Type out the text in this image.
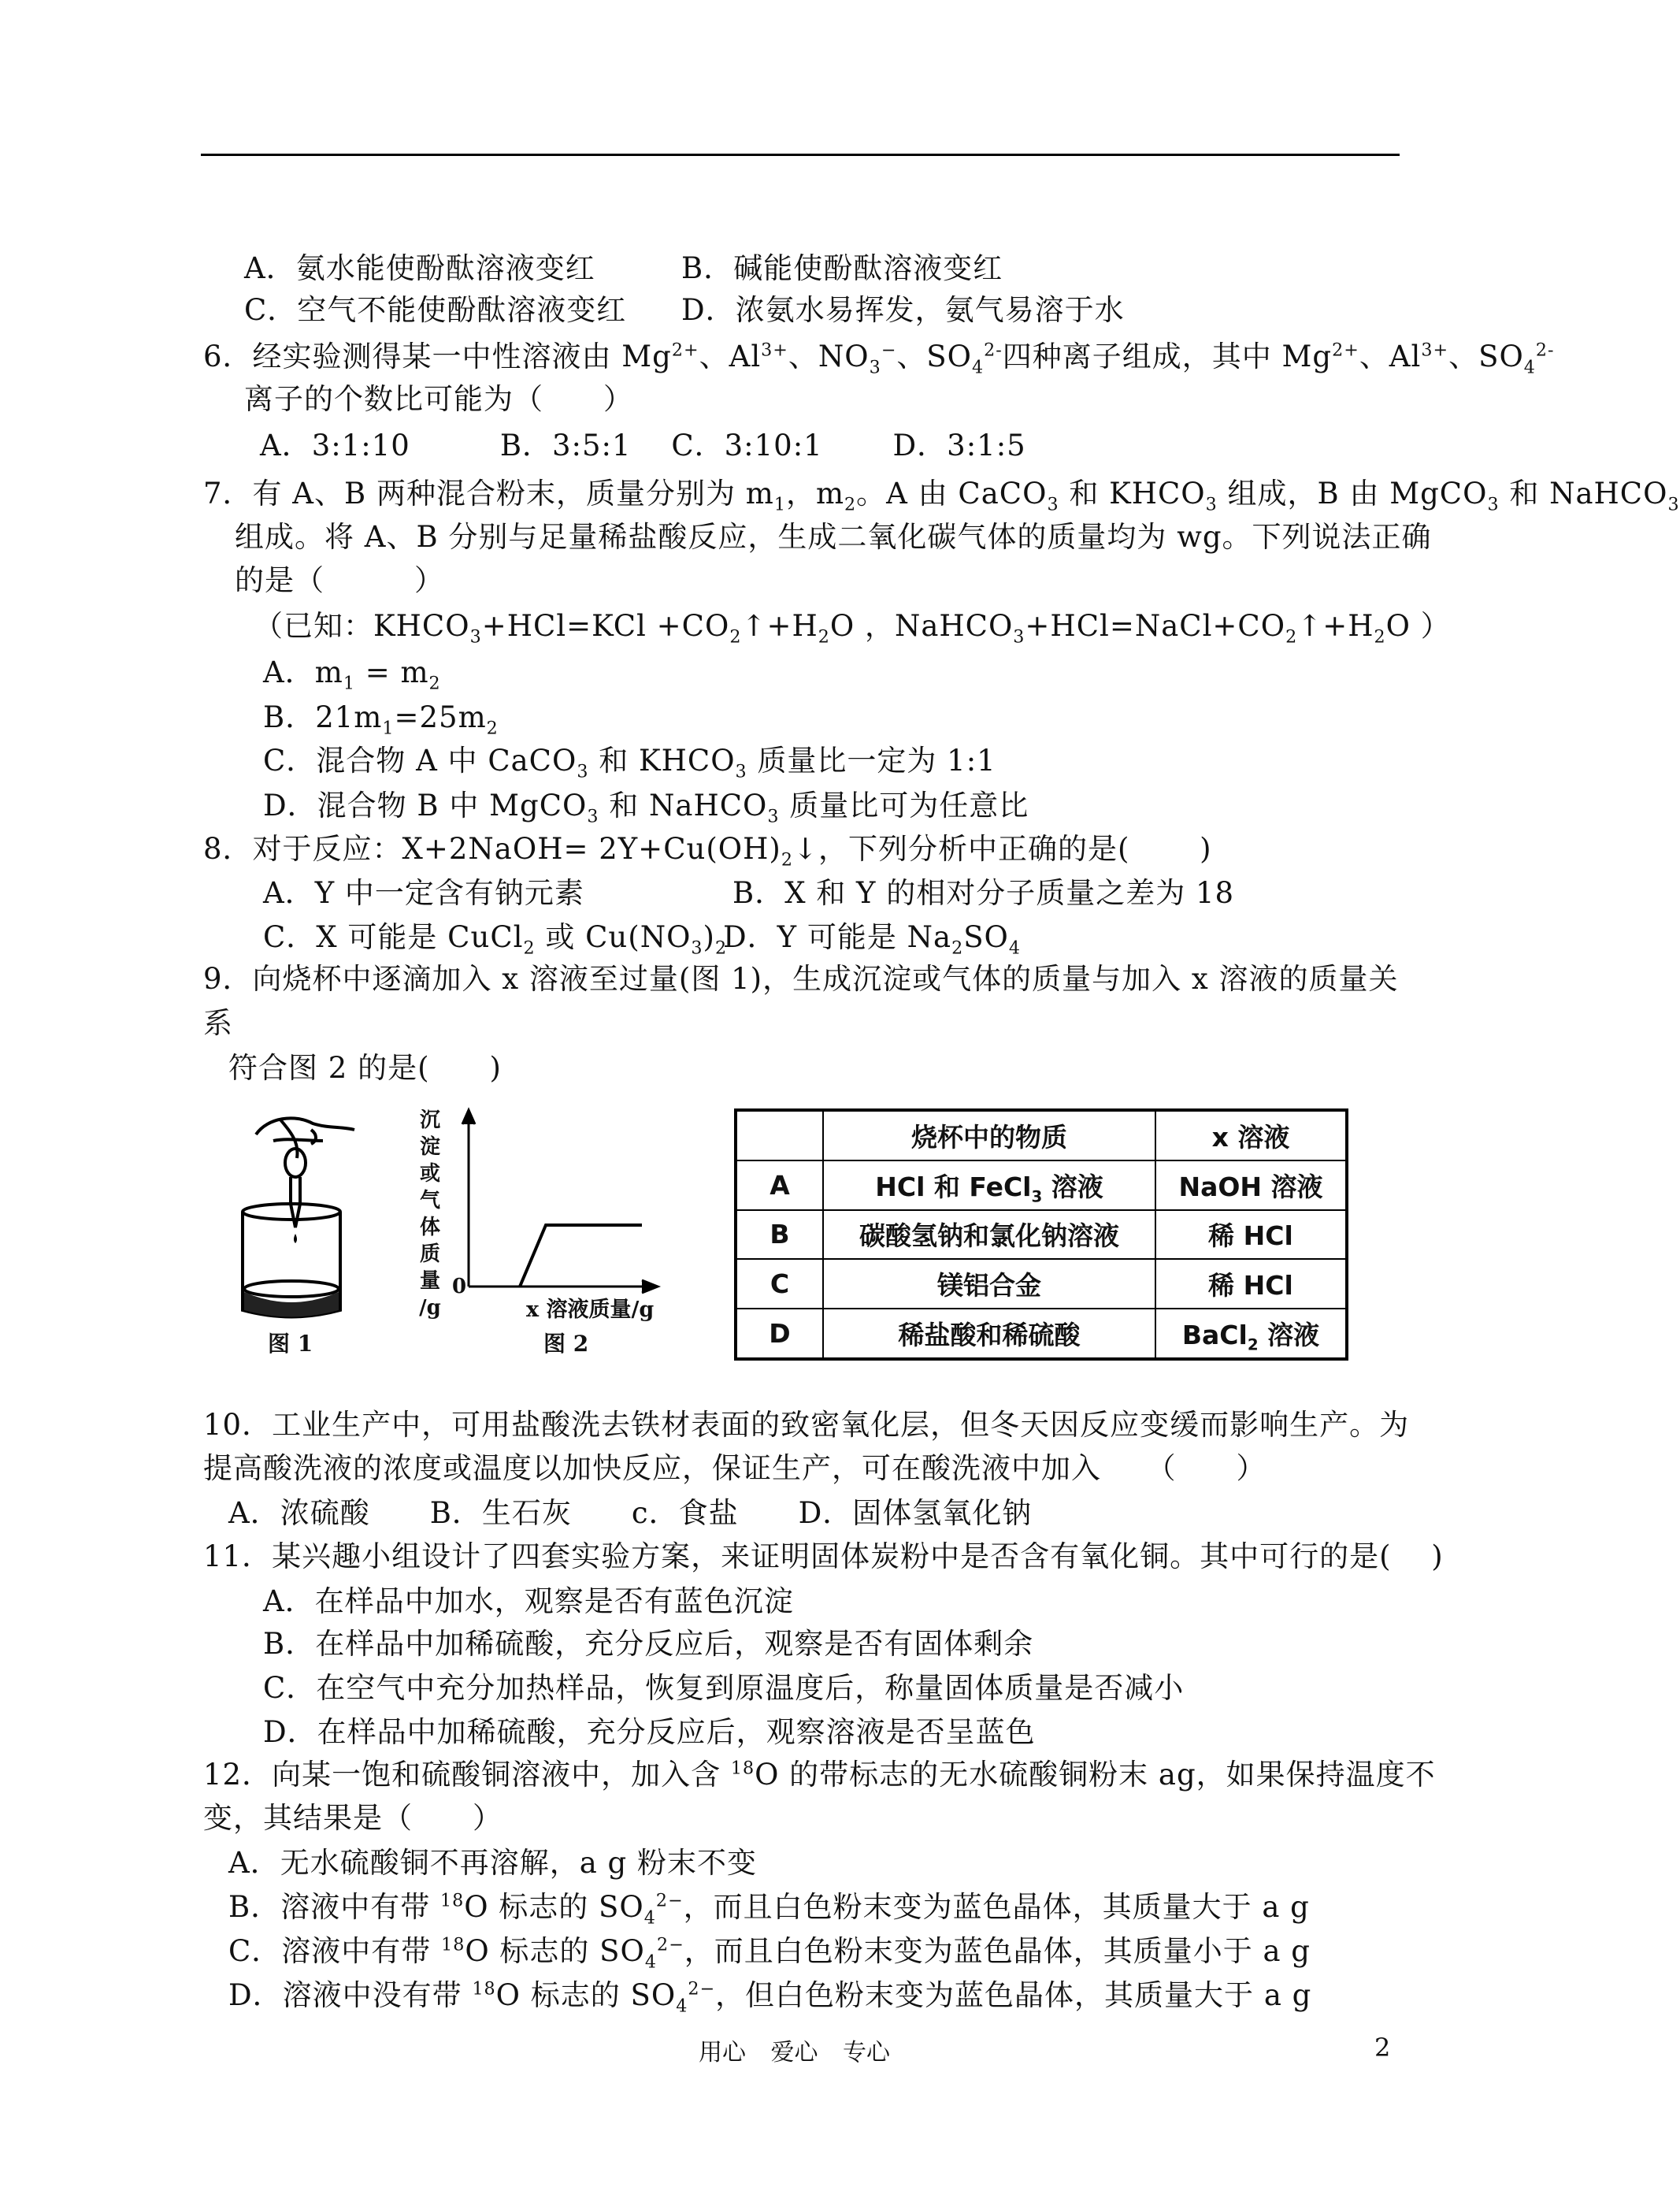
A．氨水能使酚酞溶液变红	B．碱能使酚酞溶液变红
C．空气不能使酚酞溶液变红 D．浓氨水易挥发，氨气易溶于水
6．经实验测得某一中性溶液由 $Mg^{2+}$、$Al^{3+}$、$NO_3^-$、$SO_4^{2-}$四种离子组成，其中 $Mg^{2+}$、$Al^{3+}$、$SO_4^{2-}$
离子的个数比可能为（　　）
A．3:1:10　　　B．3:5:1　 C．3:10:1　　 D．3:1:5
7．有 A、B 两种混合粉末，质量分别为 $m_1$，$m_2$。A 由 CaCO$_3$ 和 $KHCO_3$ 组成，B 由 MgCO$_3$ 和 NaHCO$_3$
组成。将 A、B 分别与足量稀盐酸反应，生成二氧化碳气体的质量均为 wg。下列说法正确
的是（　　　）
（已知：$KHCO_3+HCl=KCl$ $+CO_2↑+H_2O$ ，$NaHCO_3+HCl=NaCl+CO_2↑+H_2O$ ）
A．$m_1 = m_2$
B．$21m_1=25m_2$
C．混合物 A 中 CaCO$_3$ 和 $KHCO_3$ 质量比一定为 1:1
D．混合物 B 中 MgCO$_3$ 和 NaHCO$_3$ 质量比可为任意比
8．对于反应：X+2NaOH= $2Y+Cu(OH)_2↓$，下列分析中正确的是(　　 )
A．Y 中一定含有钠元素	B．X 和 Y 的相对分子质量之差为 18
C．X 可能是 CuCl$_2$ 或 $Cu(NO_3)_2$
D．Y 可能是 $Na_2SO_4$
9．向烧杯中逐滴加入 x 溶液至过量(图 1)，生成沉淀或气体的质量与加入 x 溶液的质量关
系
符合图 2 的是(　　)
10．工业生产中，可用盐酸洗去铁材表面的致密氧化层，但冬天因反应变缓而影响生产。为
提高酸洗液的浓度或温度以加快反应，保证生产，可在酸洗液中加入　　（　　）
A．浓硫酸　　B．生石灰　　c．食盐　　D．固体氢氧化钠
11．某兴趣小组设计了四套实验方案，来证明固体炭粉中是否含有氧化铜。其中可行的是(　 )
A．在样品中加水，观察是否有蓝色沉淀
B．在样品中加稀硫酸，充分反应后，观察是否有固体剩余
C．在空气中充分加热样品，恢复到原温度后，称量固体质量是否减小
D．在样品中加稀硫酸，充分反应后，观察溶液是否呈蓝色
12．向某一饱和硫酸铜溶液中，加入含 $^{18}$O 的带标志的无水硫酸铜粉末 ag，如果保持温度不
变，其结果是（　　）
A．无水硫酸铜不再溶解，a g 粉末不变
B．溶液中有带 $^{18}$O 标志的 $SO_4^{2-}$，而且白色粉末变为蓝色晶体，其质量大于 a g
C．溶液中有带 $^{18}$O 标志的 $SO_4^{2-}$，而且白色粉末变为蓝色晶体，其质量小于 a g
D．溶液中没有带 $^{18}$O 标志的 $SO_4^{2-}$，但白色粉末变为蓝色晶体，其质量大于 a g
图 1
沉
淀
或
气
体
质
量
/g
0
x 溶液质量/g
图 2
	烧杯中的物质	x 溶液
A	HCl 和 FeCl$_3$ 溶液	NaOH 溶液
B	碳酸氢钠和氯化钠溶液	稀 HCl
C	镁铝合金	稀 HCl
D	稀盐酸和稀硫酸	BaCl$_2$ 溶液
用心 爱心 专心	2
